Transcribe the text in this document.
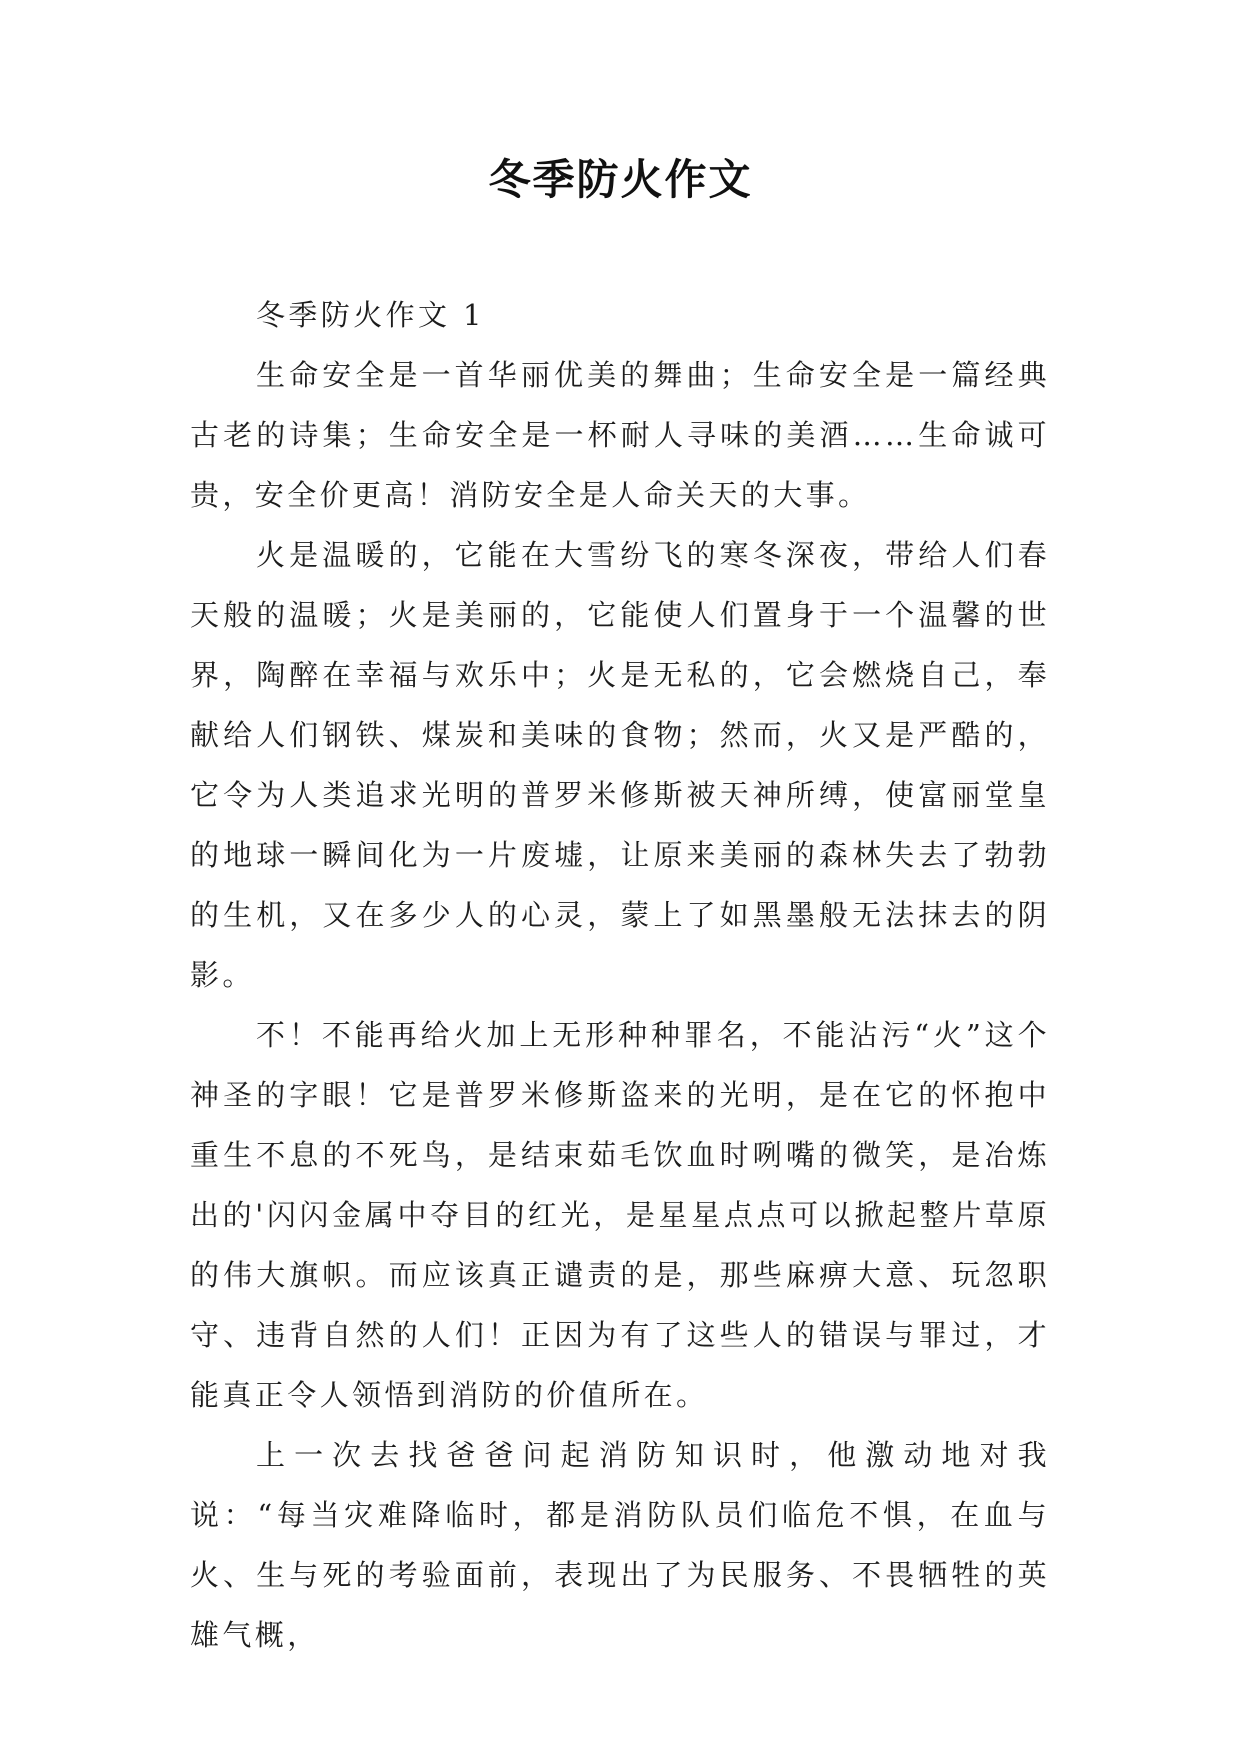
冬季防火作文

冬季防火作文 1

生命安全是一首华丽优美的舞曲；生命安全是一篇经典古老的诗集；生命安全是一杯耐人寻味的美酒……生命诚可贵，安全价更高！消防安全是人命关天的大事。

火是温暖的，它能在大雪纷飞的寒冬深夜，带给人们春天般的温暖；火是美丽的，它能使人们置身于一个温馨的世界，陶醉在幸福与欢乐中；火是无私的，它会燃烧自己，奉献给人们钢铁、煤炭和美味的食物；然而，火又是严酷的，它令为人类追求光明的普罗米修斯被天神所缚，使富丽堂皇的地球一瞬间化为一片废墟，让原来美丽的森林失去了勃勃的生机，又在多少人的心灵，蒙上了如黑墨般无法抹去的阴影。

不！不能再给火加上无形种种罪名，不能沾污“火”这个神圣的字眼！它是普罗米修斯盗来的光明，是在它的怀抱中重生不息的不死鸟，是结束茹毛饮血时咧嘴的微笑，是冶炼出的'闪闪金属中夺目的红光，是星星点点可以掀起整片草原的伟大旗帜。而应该真正谴责的是，那些麻痹大意、玩忽职守、违背自然的人们！正因为有了这些人的错误与罪过，才能真正令人领悟到消防的价值所在。

上一次去找爸爸问起消防知识时，他激动地对我说：“每当灾难降临时，都是消防队员们临危不惧，在血与火、生与死的考验面前，表现出了为民服务、不畏牺牲的英雄气概，
